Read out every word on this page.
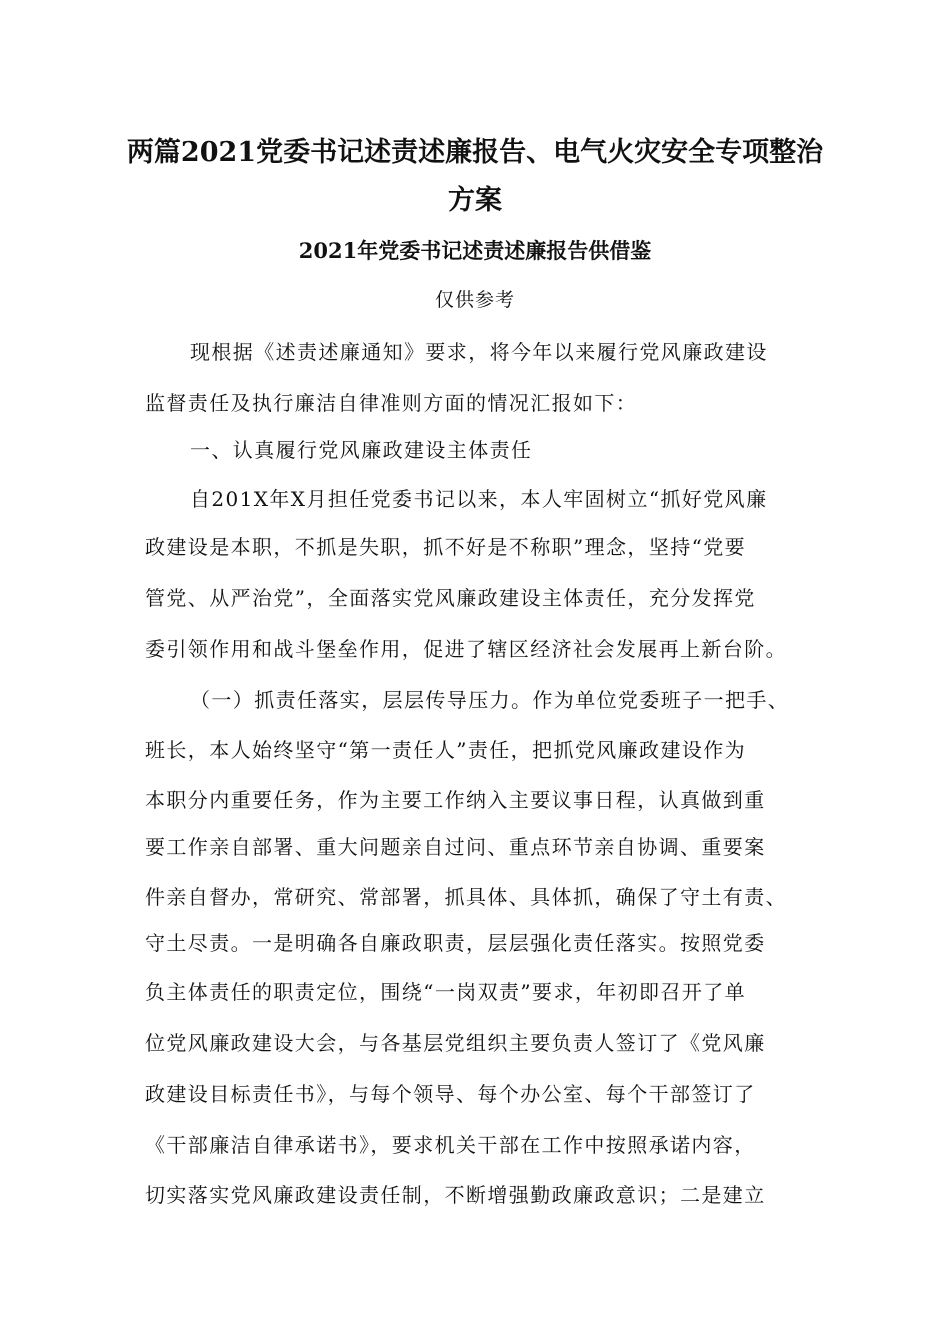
两篇2021党委书记述责述廉报告、电气火灾安全专项整治
方案
2021年党委书记述责述廉报告供借鉴
仅供参考
现根据《述责述廉通知》要求，将今年以来履行党风廉政建设
监督责任及执行廉洁自律准则方面的情况汇报如下：
一、认真履行党风廉政建设主体责任
自201X年X月担任党委书记以来，本人牢固树立“抓好党风廉
政建设是本职，不抓是失职，抓不好是不称职”理念，坚持“党要
管党、从严治党”，全面落实党风廉政建设主体责任，充分发挥党
委引领作用和战斗堡垒作用，促进了辖区经济社会发展再上新台阶。
（一）抓责任落实，层层传导压力。作为单位党委班子一把手、
班长，本人始终坚守“第一责任人”责任，把抓党风廉政建设作为
本职分内重要任务，作为主要工作纳入主要议事日程，认真做到重
要工作亲自部署、重大问题亲自过问、重点环节亲自协调、重要案
件亲自督办，常研究、常部署，抓具体、具体抓，确保了守土有责、
守土尽责。一是明确各自廉政职责，层层强化责任落实。按照党委
负主体责任的职责定位，围绕“一岗双责”要求，年初即召开了单
位党风廉政建设大会，与各基层党组织主要负责人签订了《党风廉
政建设目标责任书》，与每个领导、每个办公室、每个干部签订了
《干部廉洁自律承诺书》，要求机关干部在工作中按照承诺内容，
切实落实党风廉政建设责任制，不断增强勤政廉政意识；二是建立
